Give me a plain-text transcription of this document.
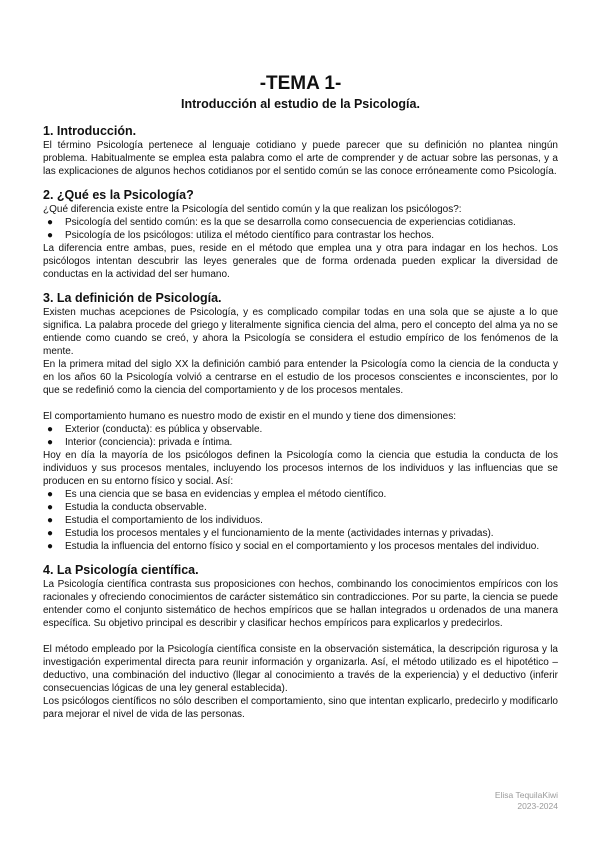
-TEMA 1-
Introducción al estudio de la Psicología.
1. Introducción.

El término Psicología pertenece al lenguaje cotidiano y puede parecer que su definición no plantea ningún problema. Habitualmente se emplea esta palabra como el arte de comprender y de actuar sobre las personas, y a las explicaciones de algunos hechos cotidianos por el sentido común se las conoce erróneamente como Psicología.

2. ¿Qué es la Psicología?

¿Qué diferencia existe entre la Psicología del sentido común y la que realizan los psicólogos?:

● Psicología del sentido común: es la que se desarrolla como consecuencia de experiencias cotidianas.
● Psicología de los psicólogos: utiliza el método científico para contrastar los hechos.

La diferencia entre ambas, pues, reside en el método que emplea una y otra para indagar en los hechos. Los psicólogos intentan descubrir las leyes generales que de forma ordenada pueden explicar la diversidad de conductas en la actividad del ser humano.

3. La definición de Psicología.

Existen muchas acepciones de Psicología, y es complicado compilar todas en una sola que se ajuste a lo que significa. La palabra procede del griego y literalmente significa ciencia del alma, pero el concepto del alma ya no se entiende como cuando se creó, y ahora la Psicología se considera el estudio empírico de los fenómenos de la mente.

En la primera mitad del siglo XX la definición cambió para entender la Psicología como la ciencia de la conducta y en los años 60 la Psicología volvió a centrarse en el estudio de los procesos conscientes e inconscientes, por lo que se redefinió como la ciencia del comportamiento y de los procesos mentales.

El comportamiento humano es nuestro modo de existir en el mundo y tiene dos dimensiones:

● Exterior (conducta): es pública y observable.
● Interior (conciencia): privada e íntima.

Hoy en día la mayoría de los psicólogos definen la Psicología como la ciencia que estudia la conducta de los individuos y sus procesos mentales, incluyendo los procesos internos de los individuos y las influencias que se producen en su entorno físico y social. Así:

● Es una ciencia que se basa en evidencias y emplea el método científico.
● Estudia la conducta observable.
● Estudia el comportamiento de los individuos.
● Estudia los procesos mentales y el funcionamiento de la mente (actividades internas y privadas).
● Estudia la influencia del entorno físico y social en el comportamiento y los procesos mentales del individuo.
4. La Psicología científica.

La Psicología científica contrasta sus proposiciones con hechos, combinando los conocimientos empíricos con los racionales y ofreciendo conocimientos de carácter sistemático sin contradicciones. Por su parte, la ciencia se puede entender como el conjunto sistemático de hechos empíricos que se hallan integrados u ordenados de una manera específica. Su objetivo principal es describir y clasificar hechos empíricos para explicarlos y predecirlos.

El método empleado por la Psicología científica consiste en la observación sistemática, la descripción rigurosa y la investigación experimental directa para reunir información y organizarla. Así, el método utilizado es el hipotético – deductivo, una combinación del inductivo (llegar al conocimiento a través de la experiencia) y el deductivo (inferir consecuencias lógicas de una ley general establecida).

Los psicólogos científicos no sólo describen el comportamiento, sino que intentan explicarlo, predecirlo y modificarlo para mejorar el nivel de vida de las personas.

Elisa TequilaKiwi
2023-2024
